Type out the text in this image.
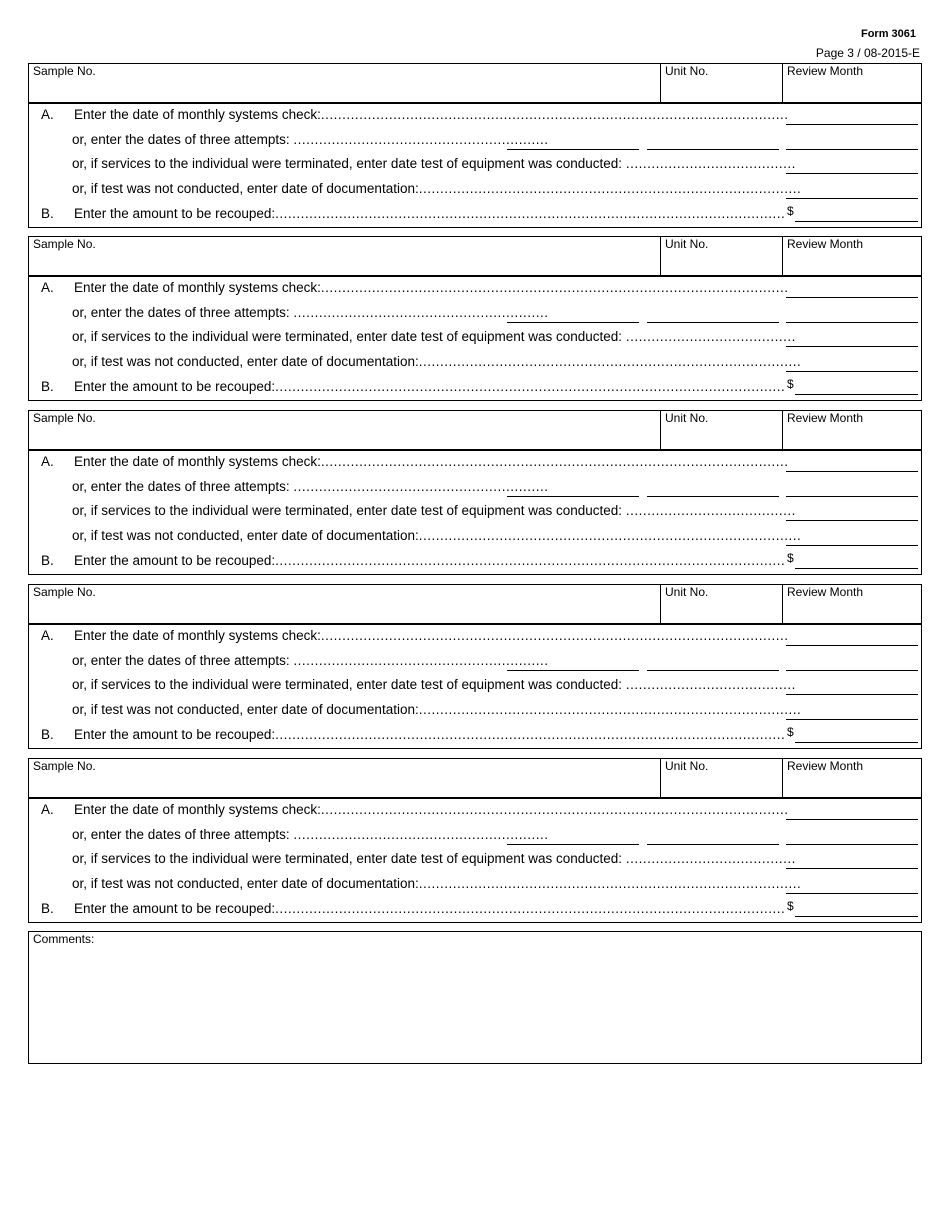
Form 3061
Page 3 / 08-2015-E
Sample No.	Unit No.	Review Month
A. Enter the date of monthly systems check:..............................................................................................................
or, enter the dates of three attempts: ............................................................
or, if services to the individual were terminated, enter date test of equipment was conducted: ........................................
or, if test was not conducted, enter date of documentation:..........................................................................................
B. Enter the amount to be recouped:........................................................................................................................ $
Sample No.	Unit No.	Review Month
A. Enter the date of monthly systems check:..............................................................................................................
or, enter the dates of three attempts: ............................................................
or, if services to the individual were terminated, enter date test of equipment was conducted: ........................................
or, if test was not conducted, enter date of documentation:..........................................................................................
B. Enter the amount to be recouped:........................................................................................................................ $
Sample No.	Unit No.	Review Month
A. Enter the date of monthly systems check:..............................................................................................................
or, enter the dates of three attempts: ............................................................
or, if services to the individual were terminated, enter date test of equipment was conducted: ........................................
or, if test was not conducted, enter date of documentation:..........................................................................................
B. Enter the amount to be recouped:........................................................................................................................ $
Sample No.	Unit No.	Review Month
A. Enter the date of monthly systems check:..............................................................................................................
or, enter the dates of three attempts: ............................................................
or, if services to the individual were terminated, enter date test of equipment was conducted: ........................................
or, if test was not conducted, enter date of documentation:..........................................................................................
B. Enter the amount to be recouped:........................................................................................................................ $
Sample No.	Unit No.	Review Month
A. Enter the date of monthly systems check:..............................................................................................................
or, enter the dates of three attempts: ............................................................
or, if services to the individual were terminated, enter date test of equipment was conducted: ........................................
or, if test was not conducted, enter date of documentation:..........................................................................................
B. Enter the amount to be recouped:........................................................................................................................ $
Comments:
